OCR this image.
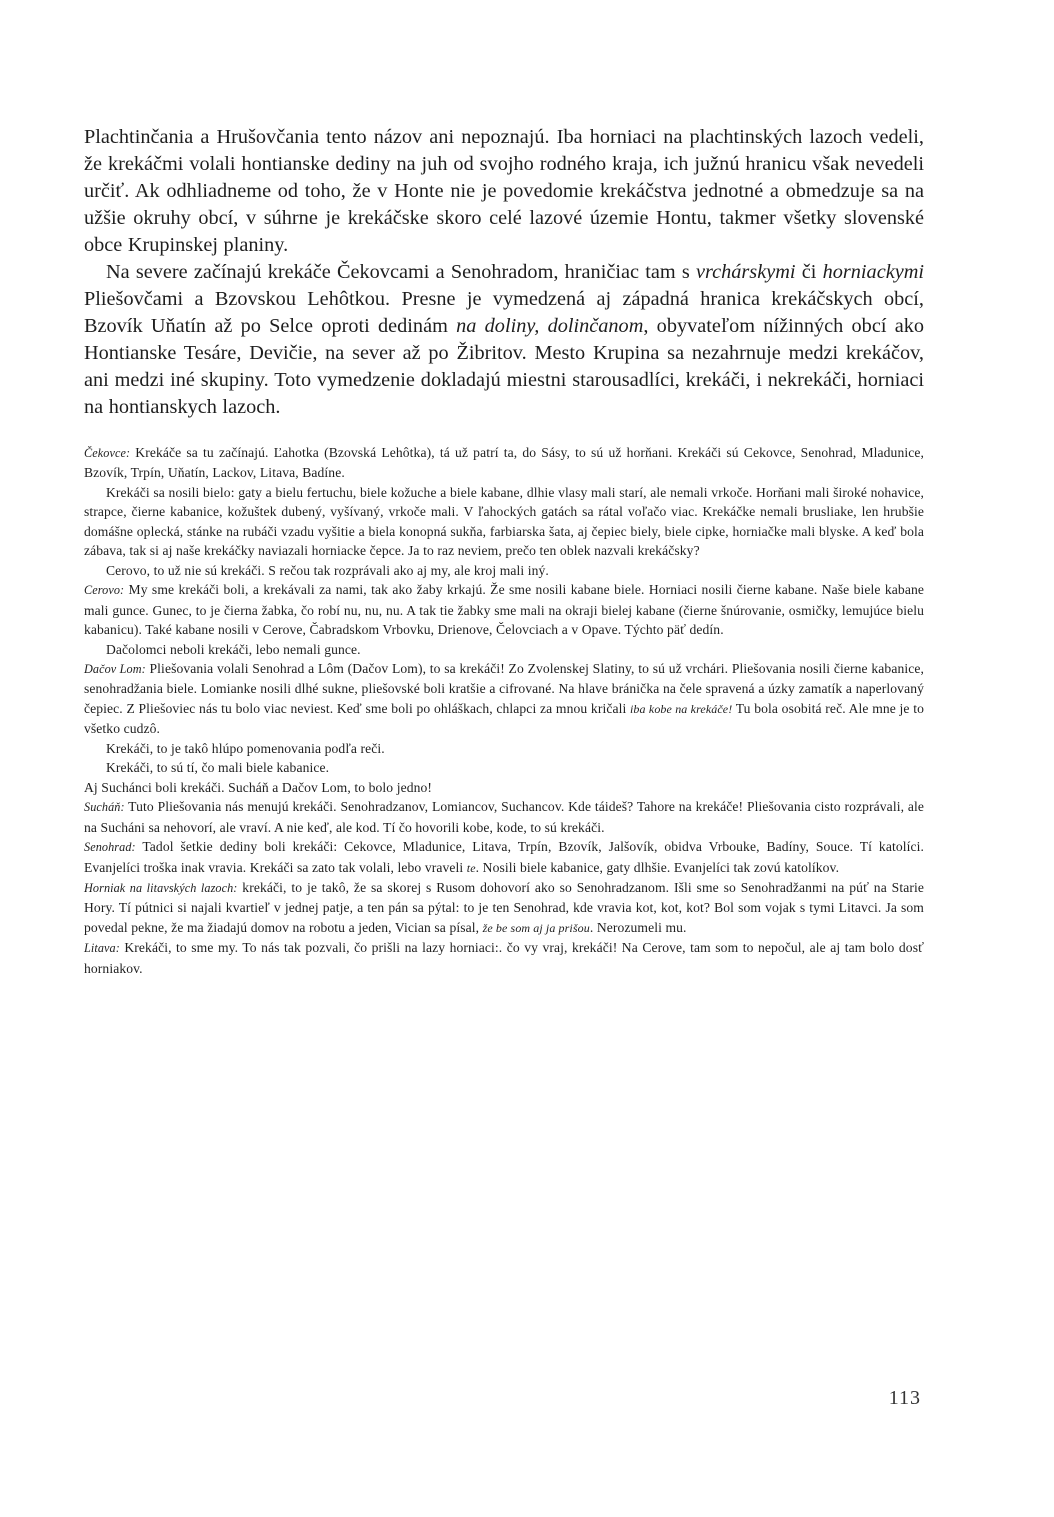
Plachtinčania a Hrušovčania tento názov ani nepoznajú. Iba horniaci na plachtinských lazoch vedeli, že krekáčmi volali hontianske dediny na juh od svojho rodného kraja, ich južnú hranicu však nevedeli určiť. Ak odhliadneme od toho, že v Honte nie je povedomie krekáčstva jednotné a obmedzuje sa na užšie okruhy obcí, v súhrne je krekáčske skoro celé lazové územie Hontu, takmer všetky slovenské obce Krupinskej planiny.

Na severe začínajú krekáče Čekovcami a Senohradom, hraničiac tam s vrchárskymi či horniackymi Pliešovčami a Bzovskou Lehôtkou. Presne je vymedzená aj západná hranica krekáčskych obcí, Bzovík Uňatín až po Selce oproti dedinám na doliny, dolinčanom, obyvateľom nížinných obcí ako Hontianske Tesáre, Devičie, na sever až po Žibritov. Mesto Krupina sa nezahrnuje medzi krekáčov, ani medzi iné skupiny. Toto vymedzenie dokladajú miestni starousadlíci, krekáči, i nekrekáči, horniaci na hontianskych lazoch.

Čekovce: Krekáče sa tu začínajú. Ľahotka (Bzovská Lehôtka), tá už patrí ta, do Sásy, to sú už horňani. Krekáči sú Cekovce, Senohrad, Mladunice, Bzovík, Trpín, Uňatín, Lackov, Litava, Badíne.

Krekáči sa nosili bielo: gaty a bielu fertuchu, biele kožuche a biele kabane, dlhie vlasy mali starí, ale nemali vrkoče. Horňani mali široké nohavice, strapce, čierne kabanice, kožuštek dubený, vyšívaný, vrkoče mali. V ľahockých gatách sa rátal voľačo viac. Krekáčke nemali brusliake, len hrubšie domášne oplecká, stánke na rubáči vzadu vyšitie a biela konopná sukňa, farbiarska šata, aj čepiec biely, biele cipke, horniačke mali blyske. A keď bola zábava, tak si aj naše krekáčky naviazali horniacke čepce. Ja to raz neviem, prečo ten oblek nazvali krekáčsky?

Cerovo, to už nie sú krekáči. S rečou tak rozprávali ako aj my, ale kroj mali iný.

Cerovo: My sme krekáči boli, a krekávali za nami, tak ako žaby krkajú. Že sme nosili kabane biele. Horniaci nosili čierne kabane. Naše biele kabane mali gunce. Gunec, to je čierna žabka, čo robí nu, nu, nu. A tak tie žabky sme mali na okraji bielej kabane (čierne šnúrovanie, osmičky, lemujúce bielu kabanicu). Také kabane nosili v Cerove, Čabradskom Vrbovku, Drienove, Čelovciach a v Opave. Týchto päť dedín.

Dačolomci neboli krekáči, lebo nemali gunce.

Dačov Lom: Pliešovania volali Senohrad a Lôm (Dačov Lom), to sa krekáči! Zo Zvolenskej Slatiny, to sú už vrchári. Pliešovania nosili čierne kabanice, senohradžania biele. Lomianke nosili dlhé sukne, pliešovské boli kratšie a cifrované. Na hlave bránička na čele spravená a úzky zamatík a naperlovaný čepiec. Z Pliešoviec nás tu bolo viac neviest. Keď sme boli po ohláškach, chlapci za mnou kričali iba kobe na krekáče! Tu bola osobitá reč. Ale mne je to všetko cudzô.

Krekáči, to je takô hlúpo pomenovania podľa reči.

Krekáči, to sú tí, čo mali biele kabanice.

Aj Suchánci boli krekáči. Sucháň a Dačov Lom, to bolo jedno!

Sucháň: Tuto Pliešovania nás menujú krekáči. Senohradzanov, Lomiancov, Suchancov. Kde táideš? Tahore na krekáče! Pliešovania cisto rozprávali, ale na Sucháni sa nehovorí, ale vraví. A nie keď, ale kod. Tí čo hovorili kobe, kode, to sú krekáči.

Senohrad: Tadol šetkie dediny boli krekáči: Cekovce, Mladunice, Litava, Trpín, Bzovík, Jalšovík, obidva Vrbouke, Badíny, Souce. Tí katolíci. Evanjelíci troška inak vravia. Krekáči sa zato tak volali, lebo vraveli te. Nosili biele kabanice, gaty dlhšie. Evanjelíci tak zovú katolíkov.

Horniak na litavských lazoch: krekáči, to je takô, že sa skorej s Rusom dohovorí ako so Senohradzanom. Išli sme so Senohradžanmi na púť na Starie Hory. Tí pútnici si najali kvartieľ v jednej patje, a ten pán sa pýtal: to je ten Senohrad, kde vravia kot, kot, kot? Bol som vojak s tymi Litavci. Ja som povedal pekne, že ma žiadajú domov na robotu a jeden, Vician sa písal, že be som aj ja prišou. Nerozumeli mu.

Litava: Krekáči, to sme my. To nás tak pozvali, čo prišli na lazy horniaci:. čo vy vraj, krekáči! Na Cerove, tam som to nepočul, ale aj tam bolo dosť horniakov.

113
